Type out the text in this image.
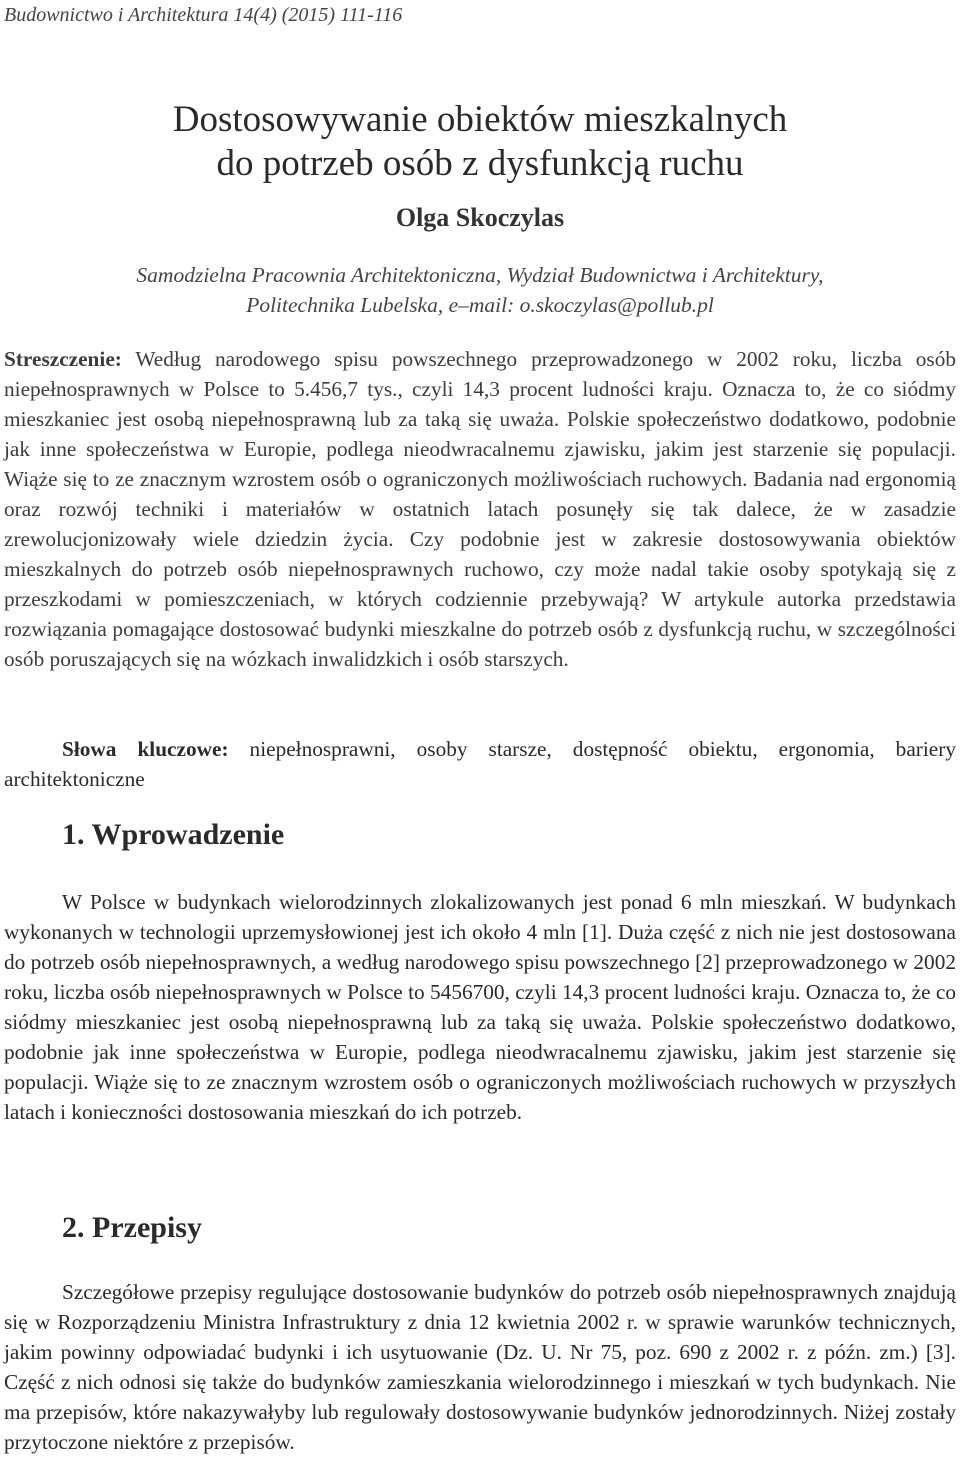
Budownictwo i Architektura 14(4) (2015) 111-116

Dostosowywanie obiektów mieszkalnych
do potrzeb osób z dysfunkcją ruchu

Olga Skoczylas

Samodzielna Pracownia Architektoniczna, Wydział Budownictwa i Architektury,
Politechnika Lubelska, e–mail: o.skoczylas@pollub.pl

Streszczenie: Według narodowego spisu powszechnego przeprowadzonego w 2002 roku, liczba osób niepełnosprawnych w Polsce to 5.456,7 tys., czyli 14,3 procent ludności kraju. Oznacza to, że co siódmy mieszkaniec jest osobą niepełnosprawną lub za taką się uważa. Polskie społeczeństwo dodatkowo, podobnie jak inne społeczeństwa w Europie, podlega nieodwracalnemu zjawisku, jakim jest starzenie się populacji. Wiąże się to ze znacznym wzrostem osób o ograniczonych możliwościach ruchowych. Badania nad ergonomią oraz rozwój techniki i materiałów w ostatnich latach posunęły się tak dalece, że w zasadzie zrewolucjonizowały wiele dziedzin życia. Czy podobnie jest w zakresie dostosowywania obiektów mieszkalnych do potrzeb osób niepełnosprawnych ruchowo, czy może nadal takie osoby spotykają się z przeszkodami w pomieszczeniach, w których codziennie przebywają? W artykule autorka przedstawia rozwiązania pomagające dostosować budynki mieszkalne do potrzeb osób z dysfunkcją ruchu, w szczególności osób poruszających się na wózkach inwalidzkich i osób starszych.

Słowa kluczowe: niepełnosprawni, osoby starsze, dostępność obiektu, ergonomia, bariery architektoniczne

1. Wprowadzenie

W Polsce w budynkach wielorodzinnych zlokalizowanych jest ponad 6 mln mieszkań. W budynkach wykonanych w technologii uprzemysłowionej jest ich około 4 mln [1]. Duża część z nich nie jest dostosowana do potrzeb osób niepełnosprawnych, a według narodowego spisu powszechnego [2] przeprowadzonego w 2002 roku, liczba osób niepełnosprawnych w Polsce to 5456700, czyli 14,3 procent ludności kraju. Oznacza to, że co siódmy mieszkaniec jest osobą niepełnosprawną lub za taką się uważa. Polskie społeczeństwo dodatkowo, podobnie jak inne społeczeństwa w Europie, podlega nieodwracalnemu zjawisku, jakim jest starzenie się populacji. Wiąże się to ze znacznym wzrostem osób o ograniczonych możliwościach ruchowych w przyszłych latach i konieczności dostosowania mieszkań do ich potrzeb.

2. Przepisy

Szczegółowe przepisy regulujące dostosowanie budynków do potrzeb osób niepełnosprawnych znajdują się w Rozporządzeniu Ministra Infrastruktury z dnia 12 kwietnia 2002 r. w sprawie warunków technicznych, jakim powinny odpowiadać budynki i ich usytuowanie (Dz. U. Nr 75, poz. 690 z 2002 r. z późn. zm.) [3]. Część z nich odnosi się także do budynków zamieszkania wielorodzinnego i mieszkań w tych budynkach. Nie ma przepisów, które nakazywałyby lub regulowały dostosowywanie budynków jednorodzinnych. Niżej zostały przytoczone niektóre z przepisów.
